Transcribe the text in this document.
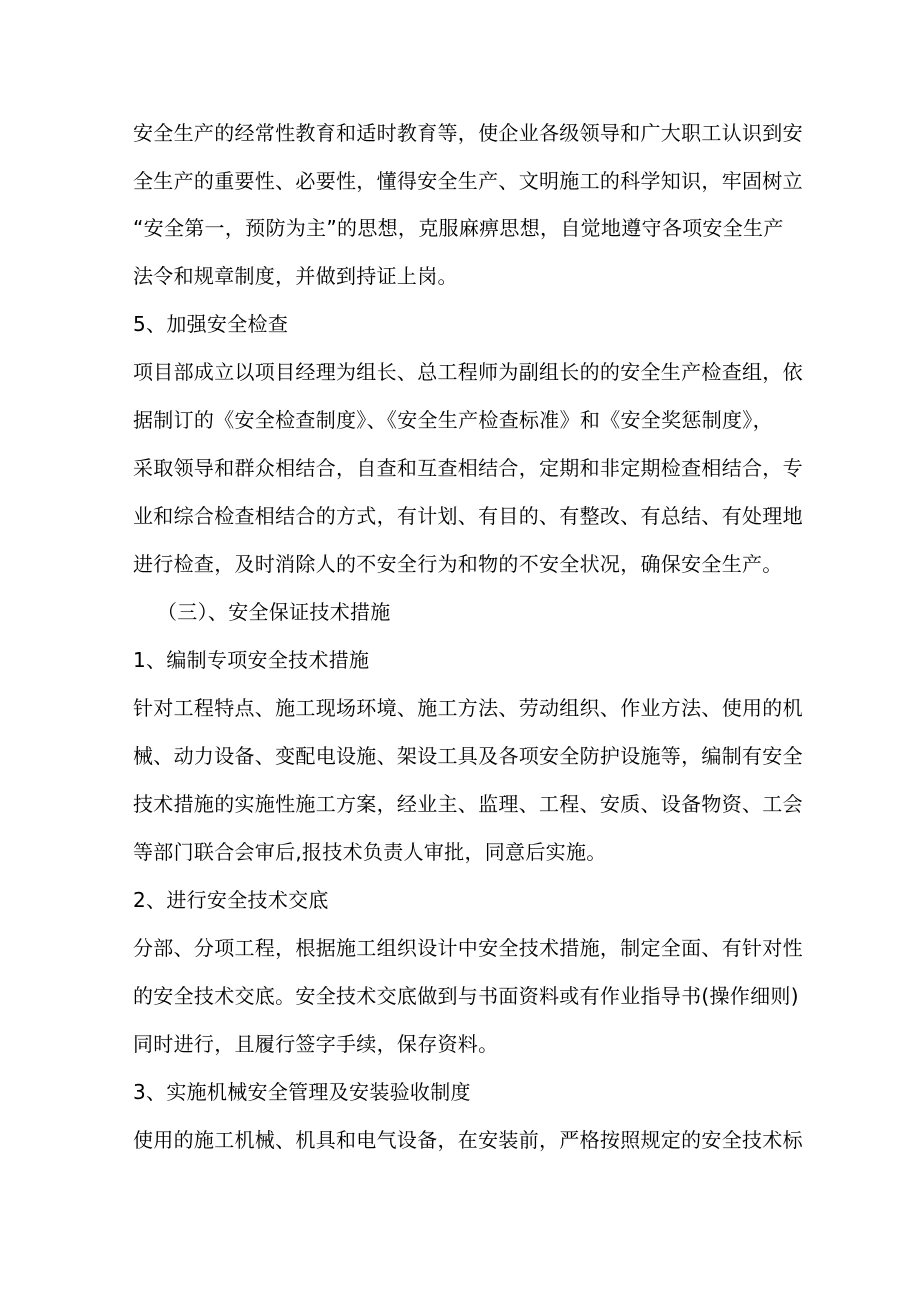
安全生产的经常性教育和适时教育等，使企业各级领导和广大职工认识到安
全生产的重要性、必要性，懂得安全生产、文明施工的科学知识，牢固树立
“安全第一，预防为主”的思想，克服麻痹思想，自觉地遵守各项安全生产
法令和规章制度，并做到持证上岗。
5、加强安全检查
项目部成立以项目经理为组长、总工程师为副组长的的安全生产检查组，依
据制订的《安全检查制度》、《安全生产检查标准》和《安全奖惩制度》，
采取领导和群众相结合，自查和互查相结合，定期和非定期检查相结合，专
业和综合检查相结合的方式，有计划、有目的、有整改、有总结、有处理地
进行检查，及时消除人的不安全行为和物的不安全状况，确保安全生产。
（三）、安全保证技术措施
1、编制专项安全技术措施
针对工程特点、施工现场环境、施工方法、劳动组织、作业方法、使用的机
械、动力设备、变配电设施、架设工具及各项安全防护设施等，编制有安全
技术措施的实施性施工方案，经业主、监理、工程、安质、设备物资、工会
等部门联合会审后,报技术负责人审批，同意后实施。
2、进行安全技术交底
分部、分项工程，根据施工组织设计中安全技术措施，制定全面、有针对性
的安全技术交底。安全技术交底做到与书面资料或有作业指导书(操作细则)
同时进行，且履行签字手续，保存资料。
3、实施机械安全管理及安装验收制度
使用的施工机械、机具和电气设备，在安装前，严格按照规定的安全技术标
